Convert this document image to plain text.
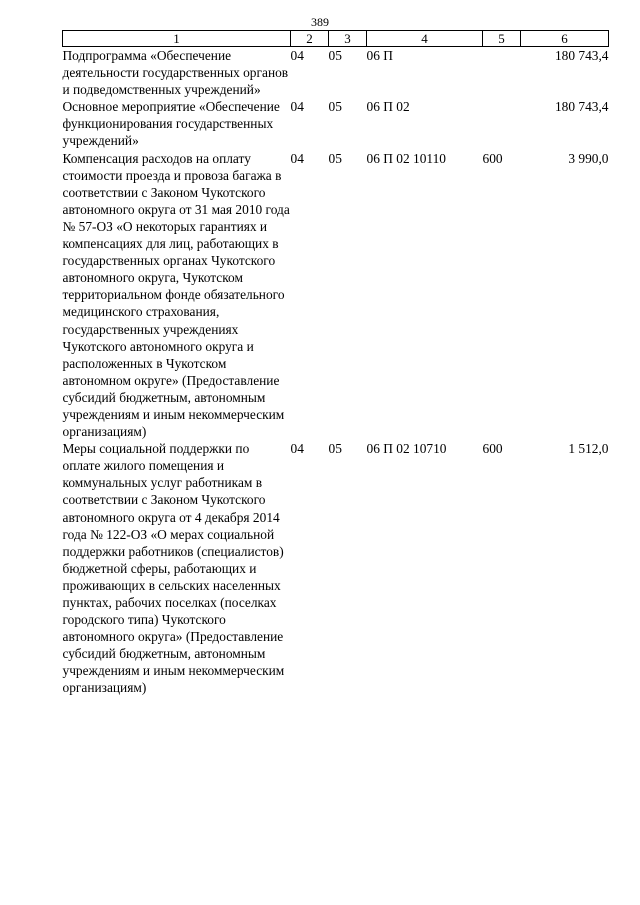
389
1	2	3	4	5	6
Подпрограмма «Обеспечение деятельности государственных органов и подведомственных учреждений»	04	05	06 П		180 743,4
Основное мероприятие «Обеспечение функционирования государственных учреждений»	04	05	06 П 02		180 743,4
Компенсация расходов на оплату стоимости проезда и провоза багажа в соответствии с Законом Чукотского автономного округа от 31 мая 2010 года № 57-ОЗ «О некоторых гарантиях и компенсациях для лиц, работающих в государственных органах Чукотского автономного округа, Чукотском территориальном фонде обязательного медицинского страхования, государственных учреждениях Чукотского автономного округа и расположенных в Чукотском автономном округе» (Предоставление субсидий бюджетным, автономным учреждениям и иным некоммерческим организациям)	04	05	06 П 02 10110	600	3 990,0
Меры социальной поддержки по оплате жилого помещения и коммунальных услуг работникам в соответствии с Законом Чукотского автономного округа от 4 декабря 2014 года № 122-ОЗ «О мерах социальной поддержки работников (специалистов) бюджетной сферы, работающих и проживающих в сельских населенных пунктах, рабочих поселках (поселках городского типа) Чукотского автономного округа» (Предоставление субсидий бюджетным, автономным учреждениям и иным некоммерческим организациям)	04	05	06 П 02 10710	600	1 512,0
